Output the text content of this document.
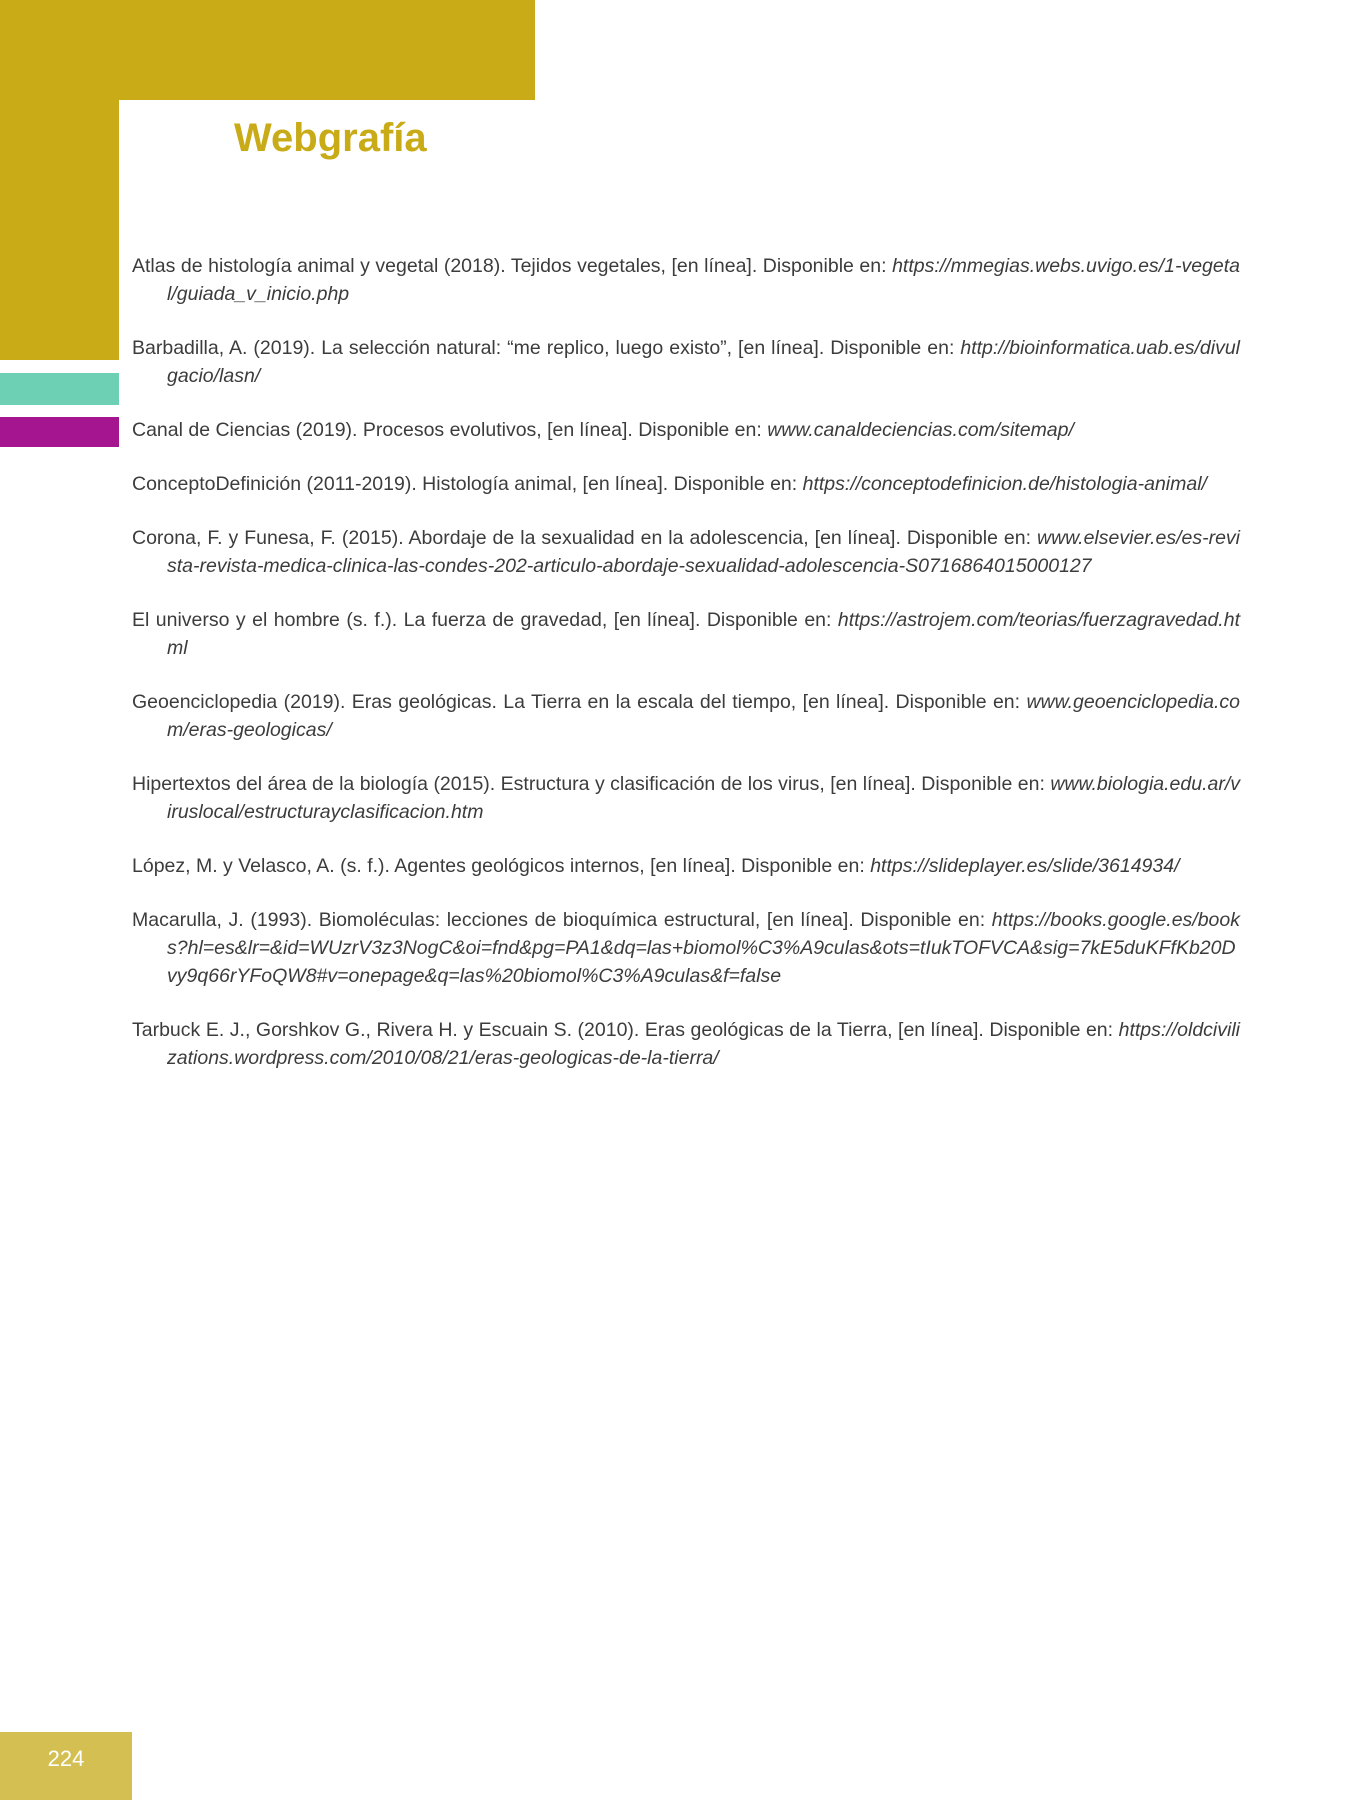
Webgrafía

Atlas de histología animal y vegetal (2018). Tejidos vegetales, [en línea]. Disponible en: https://mmegias.webs.uvigo.es/1-vegetal/guiada_v_inicio.php

Barbadilla, A. (2019). La selección natural: “me replico, luego existo”, [en línea]. Disponible en: http://bioinformatica.uab.es/divulgacio/lasn/

Canal de Ciencias (2019). Procesos evolutivos, [en línea]. Disponible en: www.canaldeciencias.com/sitemap/

ConceptoDefinición (2011-2019). Histología animal, [en línea]. Disponible en: https://conceptodefinicion.de/histologia-animal/

Corona, F. y Funesa, F. (2015). Abordaje de la sexualidad en la adolescencia, [en línea]. Disponible en: www.elsevier.es/es-revista-revista-medica-clinica-las-condes-202-articulo-abordaje-sexualidad-adolescencia-S0716864015000127

El universo y el hombre (s. f.). La fuerza de gravedad, [en línea]. Disponible en: https://astrojem.com/teorias/fuerzagravedad.html

Geoenciclopedia (2019). Eras geológicas. La Tierra en la escala del tiempo, [en línea]. Disponible en: www.geoenciclopedia.com/eras-geologicas/

Hipertextos del área de la biología (2015). Estructura y clasificación de los virus, [en línea]. Disponible en: www.biologia.edu.ar/viruslocal/estructurayclasificacion.htm

López, M. y Velasco, A. (s. f.). Agentes geológicos internos, [en línea]. Disponible en: https://slideplayer.es/slide/3614934/

Macarulla, J. (1993). Biomoléculas: lecciones de bioquímica estructural, [en línea]. Disponible en: https://books.google.es/books?hl=es&lr=&id=WUzrV3z3NogC&oi=fnd&pg=PA1&dq=las+biomol%C3%A9culas&ots=tIukTOFVCA&sig=7kE5duKFfKb20Dvy9q66rYFoQW8#v=onepage&q=las%20biomol%C3%A9culas&f=false

Tarbuck E. J., Gorshkov G., Rivera H. y Escuain S. (2010). Eras geológicas de la Tierra, [en línea]. Disponible en: https://oldcivilizations.wordpress.com/2010/08/21/eras-geologicas-de-la-tierra/

224
